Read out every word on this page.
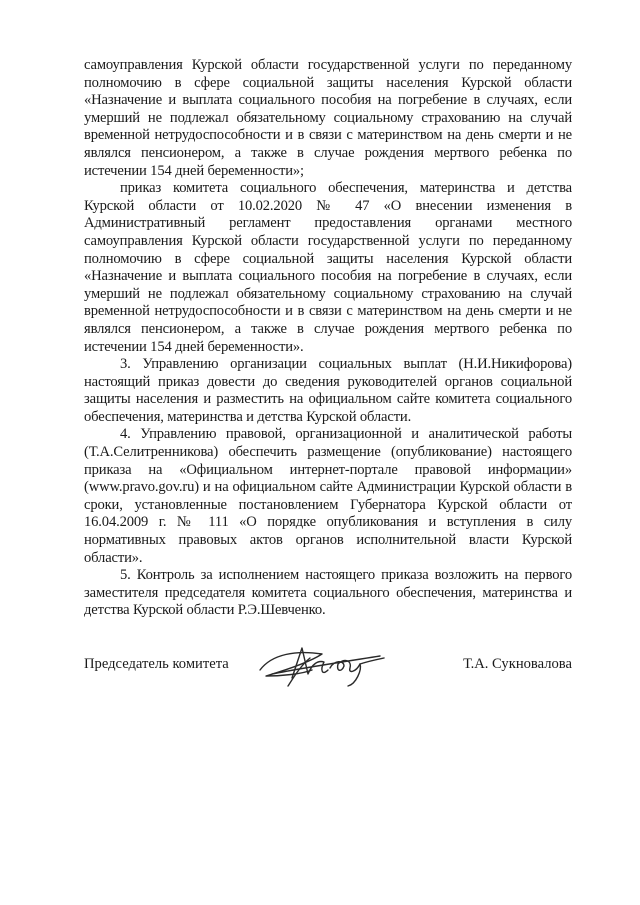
самоуправления Курской области государственной услуги по переданному полномочию в сфере социальной защиты населения Курской области «Назначение и выплата социального пособия на погребение в случаях, если умерший не подлежал обязательному социальному страхованию на случай временной нетрудоспособности и в связи с материнством на день смерти и не являлся пенсионером, а также в случае рождения мертвого ребенка по истечении 154 дней беременности»;

приказ комитета социального обеспечения, материнства и детства Курской области от 10.02.2020 № 47 «О внесении изменения в Административный регламент предоставления органами местного самоуправления Курской области государственной услуги по переданному полномочию в сфере социальной защиты населения Курской области «Назначение и выплата социального пособия на погребение в случаях, если умерший не подлежал обязательному социальному страхованию на случай временной нетрудоспособности и в связи с материнством на день смерти и не являлся пенсионером, а также в случае рождения мертвого ребенка по истечении 154 дней беременности».

3. Управлению организации социальных выплат (Н.И.Никифорова) настоящий приказ довести до сведения руководителей органов социальной защиты населения и разместить на официальном сайте комитета социального обеспечения, материнства и детства Курской области.

4. Управлению правовой, организационной и аналитической работы (Т.А.Селитренникова) обеспечить размещение (опубликование) настоящего приказа на «Официальном интернет-портале правовой информации» (www.pravo.gov.ru) и на официальном сайте Администрации Курской области в сроки, установленные постановлением Губернатора Курской области от 16.04.2009 г. № 111 «О порядке опубликования и вступления в силу нормативных правовых актов органов исполнительной власти Курской области».

5. Контроль за исполнением настоящего приказа возложить на первого заместителя председателя комитета социального обеспечения, материнства и детства Курской области Р.Э.Шевченко.

Председатель комитета	Т.А. Сукновалова
